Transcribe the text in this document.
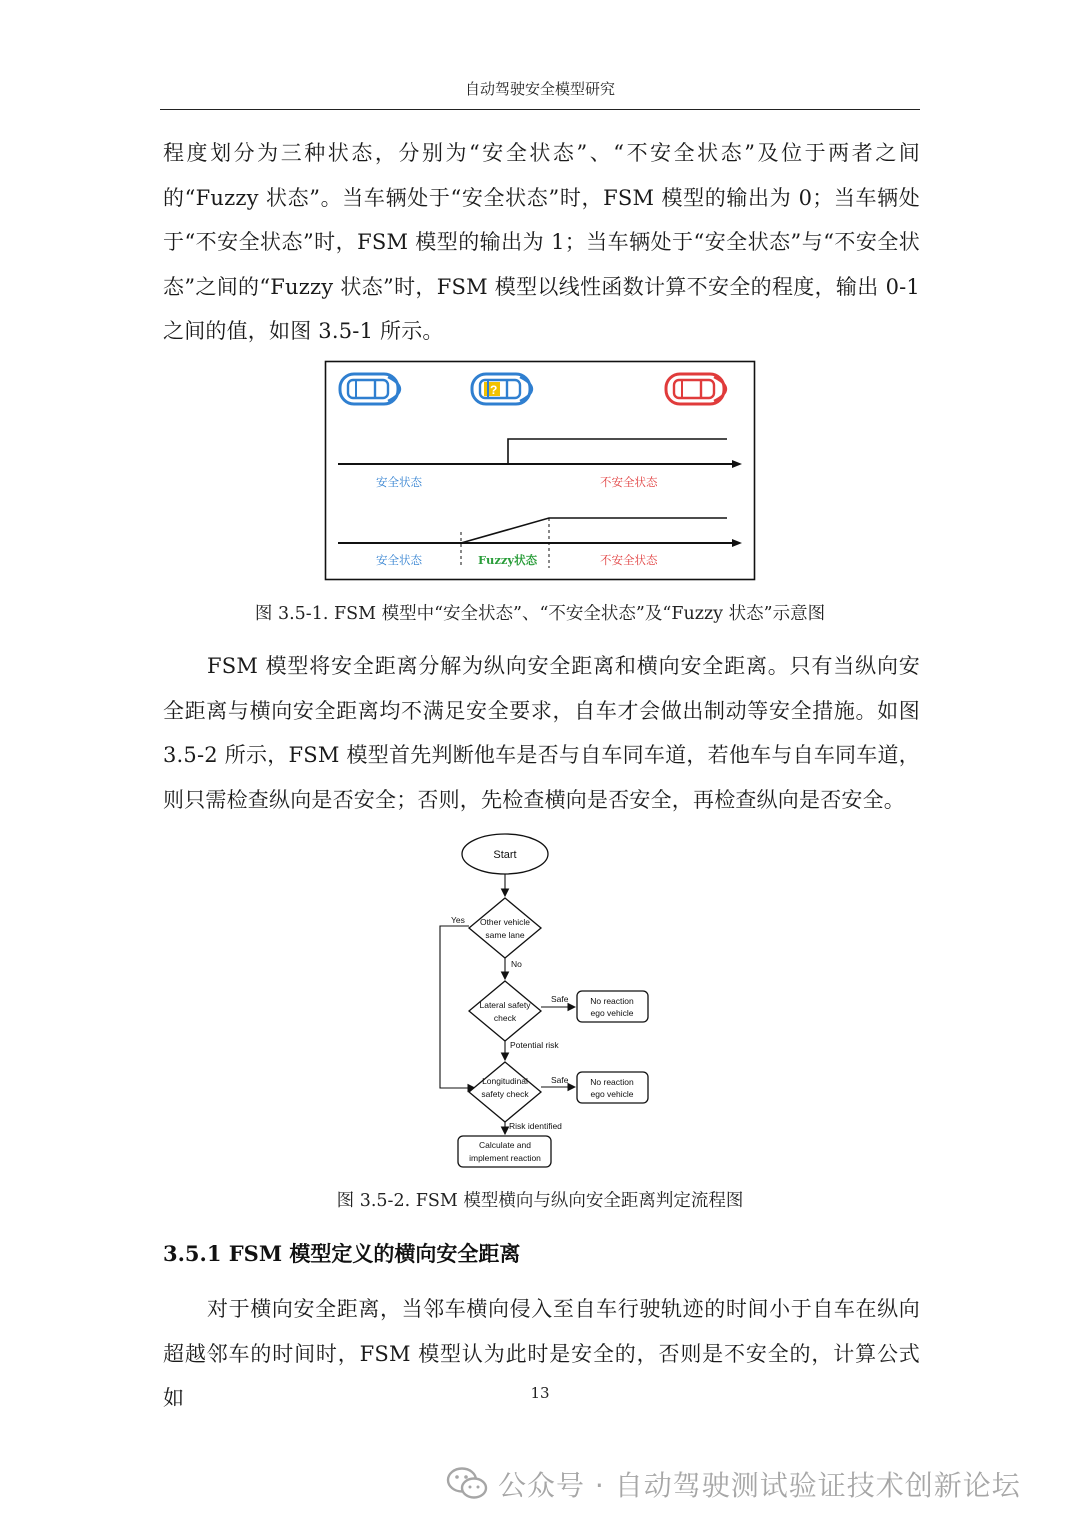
自动驾驶安全模型研究

程度划分为三种状态，分别为“安全状态”、“不安全状态”及位于两者之间的“Fuzzy 状态”。当车辆处于“安全状态”时，FSM 模型的输出为 0；当车辆处于“不安全状态”时，FSM 模型的输出为 1；当车辆处于“安全状态”与“不安全状态”之间的“Fuzzy 状态”时，FSM 模型以线性函数计算不安全的程度，输出 0-1 之间的值，如图 3.5-1 所示。

?
安全状态	不安全状态
安全状态	Fuzzy状态	不安全状态
图 3.5-1. FSM 模型中“安全状态”、“不安全状态”及“Fuzzy 状态”示意图

FSM 模型将安全距离分解为纵向安全距离和横向安全距离。只有当纵向安全距离与横向安全距离均不满足安全要求，自车才会做出制动等安全措施。如图 3.5-2 所示，FSM 模型首先判断他车是否与自车同车道，若他车与自车同车道，则只需检查纵向是否安全；否则，先检查横向是否安全，再检查纵向是否安全。

Start
Other vehicle
same lane
Yes
No
Lateral safety
check
Safe	No reaction
ego vehicle
Potential risk
Longitudinal
safety check
Safe	No reaction
ego vehicle
Risk identified
Calculate and
implement reaction
图 3.5-2. FSM 模型横向与纵向安全距离判定流程图
3.5.1 FSM 模型定义的横向安全距离

对于横向安全距离，当邻车横向侵入至自车行驶轨迹的时间小于自车在纵向超越邻车的时间时，FSM 模型认为此时是安全的，否则是不安全的，计算公式如	13
公众号 · 自动驾驶测试验证技术创新论坛
